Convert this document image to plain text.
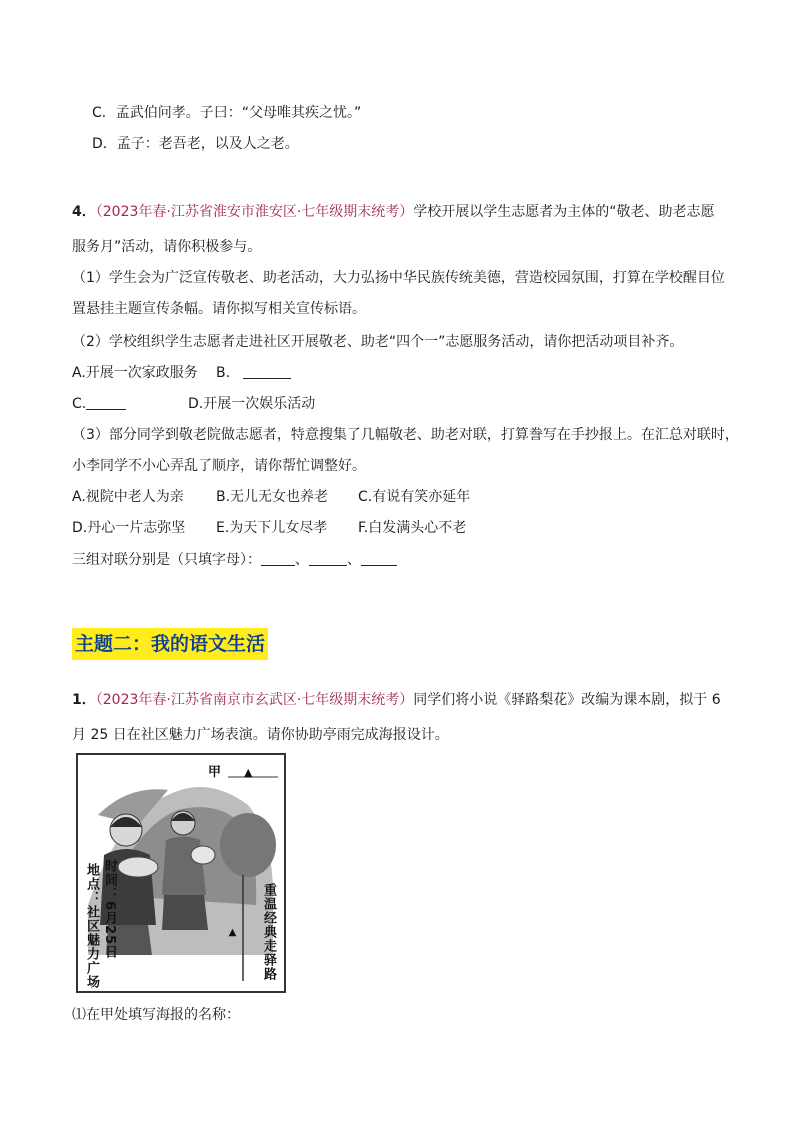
C．孟武伯问孝。子曰：“父母唯其疾之忧。”
D．孟子：老吾老，以及人之老。
4．（2023年春·江苏省淮安市淮安区·七年级期末统考）学校开展以学生志愿者为主体的“敬老、助老志愿
服务月”活动，请你积极参与。
（1）学生会为广泛宣传敬老、助老活动，大力弘扬中华民族传统美德，营造校园氛围，打算在学校醒目位
置悬挂主题宣传条幅。请你拟写相关宣传标语。
（2）学校组织学生志愿者走进社区开展敬老、助老“四个一”志愿服务活动，请你把活动项目补齐。
A.开展一次家政服务 B.
C.	D.开展一次娱乐活动
（3）部分同学到敬老院做志愿者，特意搜集了几幅敬老、助老对联，打算誊写在手抄报上。在汇总对联时，
小李同学不小心弄乱了顺序，请你帮忙调整好。
A.视院中老人为亲 B.无儿无女也养老 C.有说有笑亦延年
D.丹心一片志弥坚 E.为天下儿女尽孝 F.白发满头心不老
三组对联分别是（只填字母）： 、	、
主题二：我的语文生活
1．（2023年春·江苏省南京市玄武区·七年级期末统考）同学们将小说《驿路梨花》改编为课本剧，拟于 6
月 25 日在社区魅力广场表演。请你协助亭雨完成海报设计。
甲 ▲
重温经典走驿路
▲
时间：6月25日
地点：社区魅力广场
⑴在甲处填写海报的名称：
